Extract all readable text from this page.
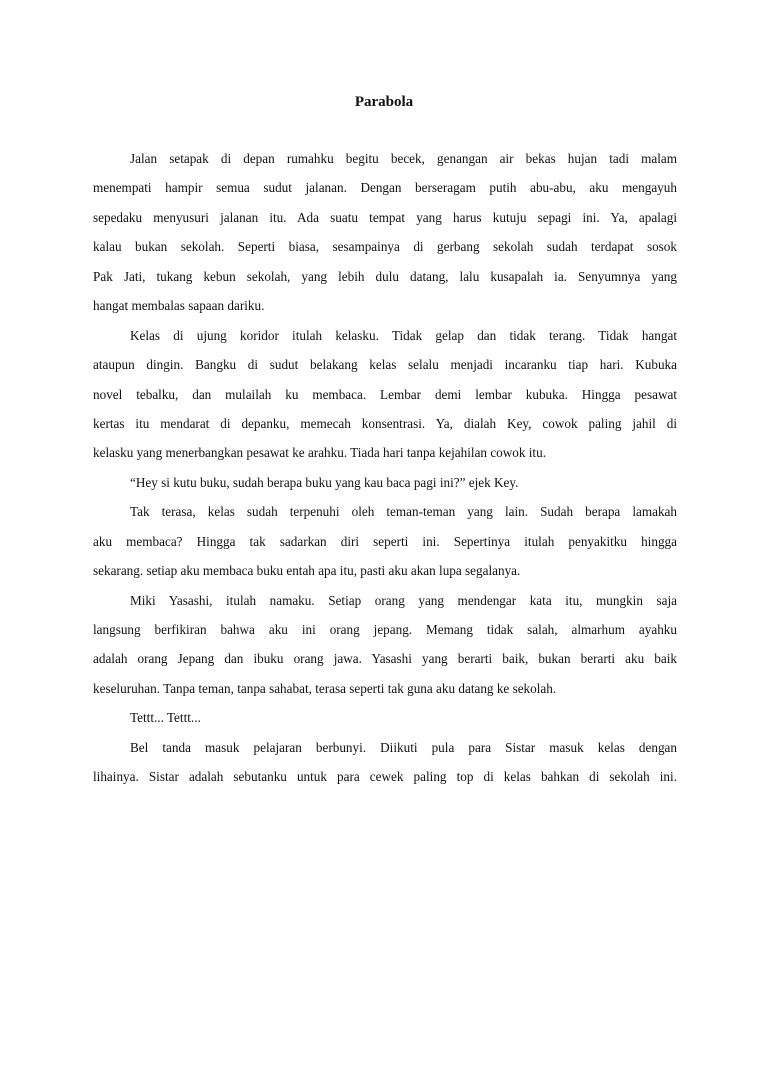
Parabola
Jalan setapak di depan rumahku begitu becek, genangan air bekas hujan tadi malam
menempati hampir semua sudut jalanan. Dengan berseragam putih abu-abu, aku mengayuh
sepedaku menyusuri jalanan itu. Ada suatu tempat yang harus kutuju sepagi ini. Ya, apalagi
kalau bukan sekolah. Seperti biasa, sesampainya di gerbang sekolah sudah terdapat sosok
Pak Jati, tukang kebun sekolah, yang lebih dulu datang, lalu kusapalah ia. Senyumnya yang
hangat membalas sapaan dariku.
Kelas di ujung koridor itulah kelasku. Tidak gelap dan tidak terang. Tidak hangat
ataupun dingin. Bangku di sudut belakang kelas selalu menjadi incaranku tiap hari. Kubuka
novel tebalku, dan mulailah ku membaca. Lembar demi lembar kubuka. Hingga pesawat
kertas itu mendarat di depanku, memecah konsentrasi. Ya, dialah Key, cowok paling jahil di
kelasku yang menerbangkan pesawat ke arahku. Tiada hari tanpa kejahilan cowok itu.
“Hey si kutu buku, sudah berapa buku yang kau baca pagi ini?” ejek Key.
Tak terasa, kelas sudah terpenuhi oleh teman-teman yang lain. Sudah berapa lamakah
aku membaca? Hingga tak sadarkan diri seperti ini. Sepertinya itulah penyakitku hingga
sekarang. setiap aku membaca buku entah apa itu, pasti aku akan lupa segalanya.
Miki Yasashi, itulah namaku. Setiap orang yang mendengar kata itu, mungkin saja
langsung berfikiran bahwa aku ini orang jepang. Memang tidak salah, almarhum ayahku
adalah orang Jepang dan ibuku orang jawa. Yasashi yang berarti baik, bukan berarti aku baik
keseluruhan. Tanpa teman, tanpa sahabat, terasa seperti tak guna aku datang ke sekolah.
Tettt... Tettt...
Bel tanda masuk pelajaran berbunyi. Diikuti pula para Sistar masuk kelas dengan
lihainya. Sistar adalah sebutanku untuk para cewek paling top di kelas bahkan di sekolah ini.
